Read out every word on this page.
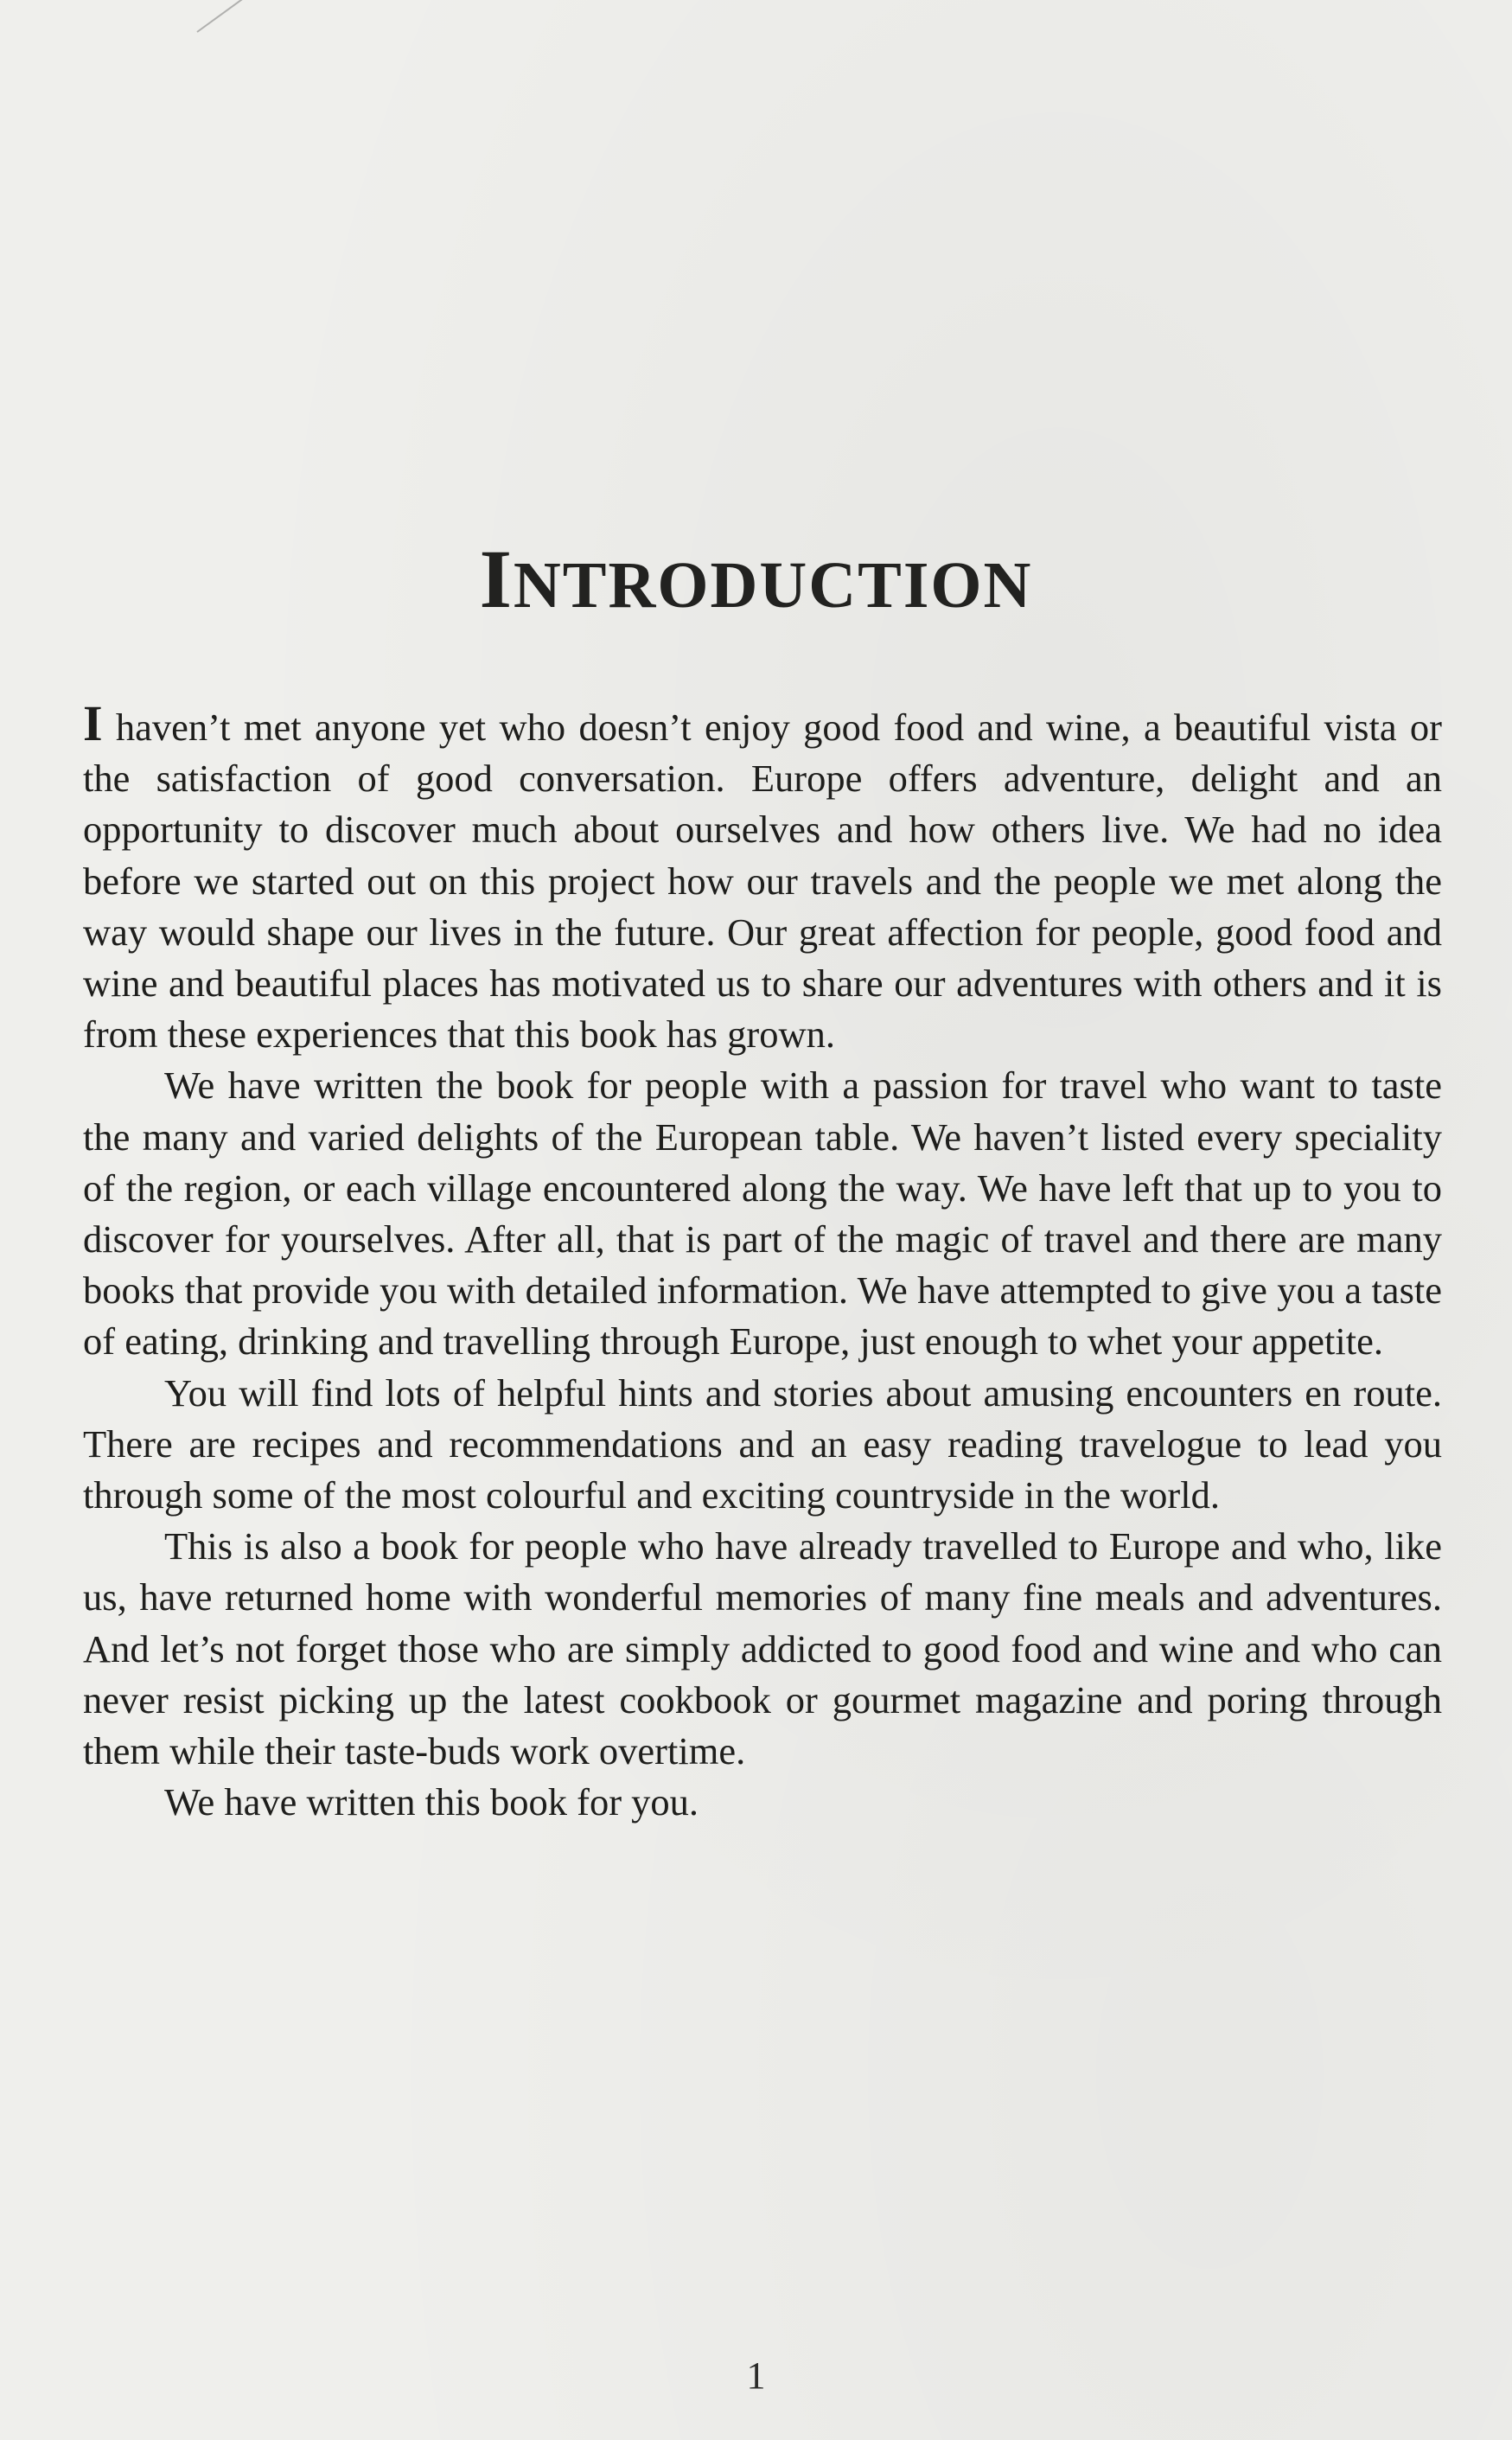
INTRODUCTION

I haven’t met anyone yet who doesn’t enjoy good food and wine, a beautiful vista or the satisfaction of good conversation. Europe offers adventure, delight and an opportunity to discover much about ourselves and how others live. We had no idea before we started out on this project how our travels and the people we met along the way would shape our lives in the future. Our great affection for people, good food and wine and beautiful places has motivated us to share our adventures with others and it is from these experiences that this book has grown.

We have written the book for people with a passion for travel who want to taste the many and varied delights of the European table. We haven’t listed every speciality of the region, or each village encountered along the way. We have left that up to you to discover for yourselves. After all, that is part of the magic of travel and there are many books that provide you with detailed information. We have attempted to give you a taste of eating, drinking and travelling through Europe, just enough to whet your appetite.

You will find lots of helpful hints and stories about amusing encounters en route. There are recipes and recommendations and an easy reading travelogue to lead you through some of the most colourful and exciting countryside in the world.

This is also a book for people who have already travelled to Europe and who, like us, have returned home with wonderful memories of many fine meals and adventures. And let’s not forget those who are simply addicted to good food and wine and who can never resist picking up the latest cookbook or gourmet magazine and poring through them while their taste-buds work overtime.

We have written this book for you.

1
